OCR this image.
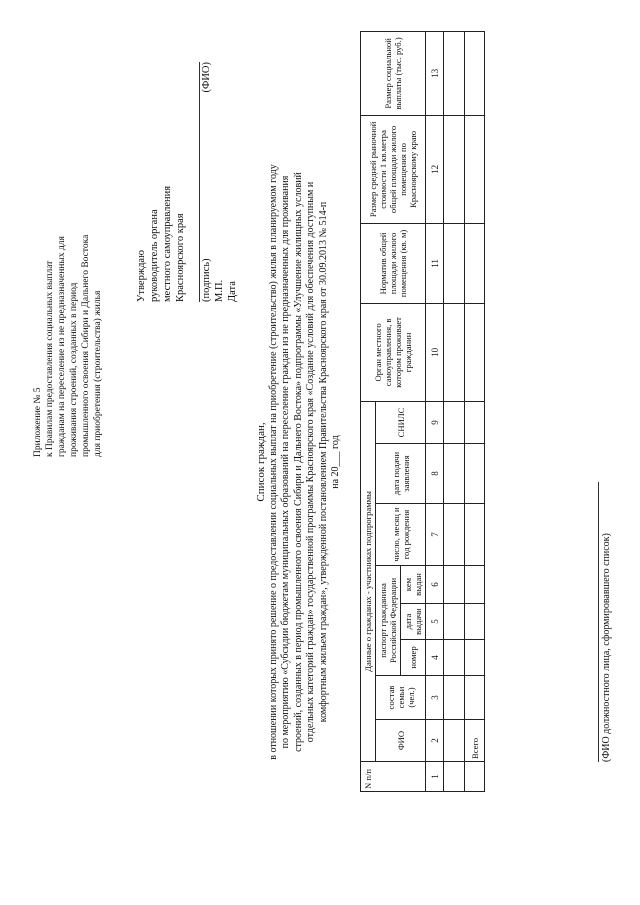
Приложение № 5 к Правилам предоставления социальных выплат гражданам на переселение из не предназначенных для проживания строений, созданных в период промышленного освоения Сибири и Дальнего Востока для приобретения (строительства) жилья
Утверждаю руководитель органа местного самоуправления Красноярского края (подпись)
(ФИО)
М.П. Дата
Список граждан, в отношении которых принято решение о предоставлении социальных выплат на приобретение (строительство) жилья в планируемом году по мероприятию «Субсидии бюджетам муниципальных образований на переселение граждан из не предназначенных для проживания строений, созданных в период промышленного освоения Сибири и Дальнего Востока» подпрограммы «Улучшение жилищных условий отдельных категорий граждан» государственной программы Красноярского края «Создание условий для обеспечения доступным и комфортным жильем граждан», утвержденной постановлением Правительства Красноярского края от 30.09.2013 № 514-п на 20___ год
N п/п	Данные о гражданах - участниках подпрограммы								Орган местного самоуправления, в котором проживает гражданин	Норматив общей площади жилого помещения (кв. м)	Размер средней рыночной стоимости 1 кв.метра общей площади жилого помещения по Красноярскому краю	Размер социальной выплаты (тыс. руб.)
	ФИО	состав семьи (чел.)	паспорт гражданина Российской Федерации			число, месяц и год рождения	дата подачи заявления	СНИЛС				
			номер	дата выдачи	кем выдан							
1	2	3	4	5	6	7	8	9	10	11	12	13

	Всего												(ФИО должностного лица, сформировавшего список)
